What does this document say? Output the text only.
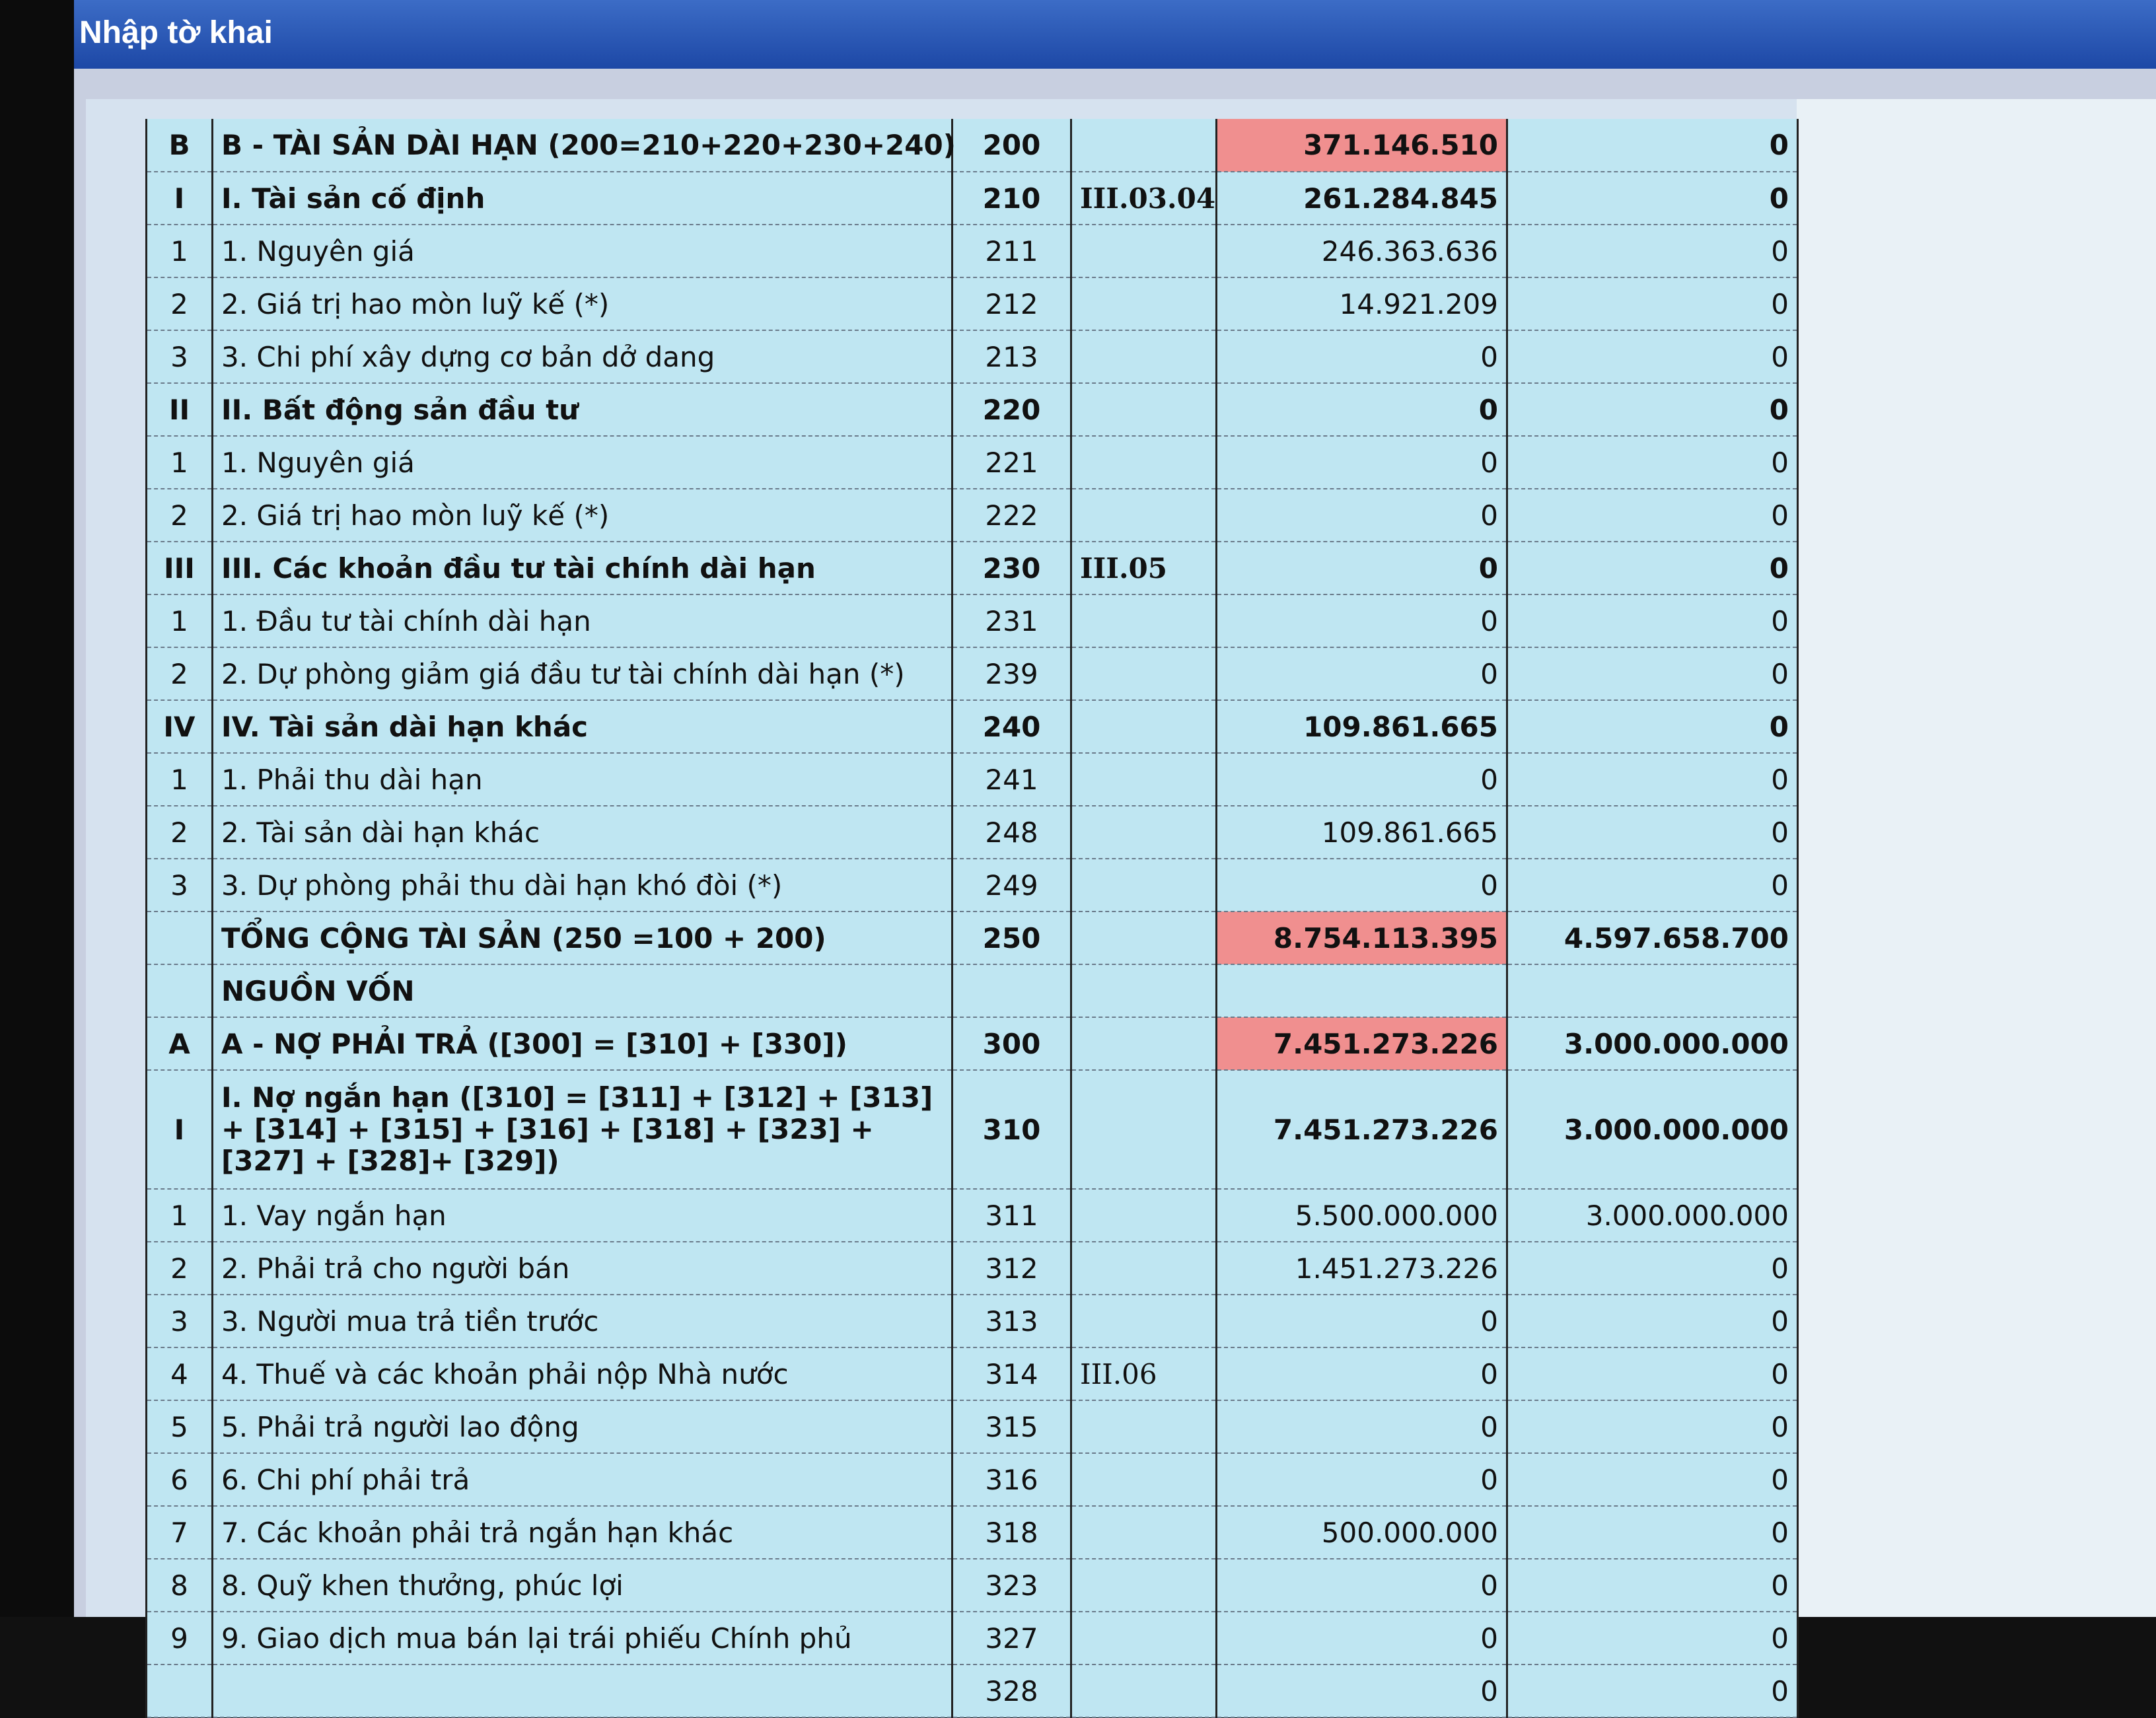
Nhập tờ khai
B	B - TÀI SẢN DÀI HẠN (200=210+220+230+240)	200		371.146.510	0
I	I. Tài sản cố định	210	III.03.04	261.284.845	0
1	1. Nguyên giá	211		246.363.636	0
2	2. Giá trị hao mòn luỹ kế (*)	212		14.921.209	0
3	3. Chi phí xây dựng cơ bản dở dang	213		0	0
II	II. Bất động sản đầu tư	220		0	0
1	1. Nguyên giá	221		0	0
2	2. Giá trị hao mòn luỹ kế (*)	222		0	0
III	III. Các khoản đầu tư tài chính dài hạn	230	III.05	0	0
1	1. Đầu tư tài chính dài hạn	231		0	0
2	2. Dự phòng giảm giá đầu tư tài chính dài hạn (*)	239		0	0
IV	IV. Tài sản dài hạn khác	240		109.861.665	0
1	1. Phải thu dài hạn	241		0	0
2	2. Tài sản dài hạn khác	248		109.861.665	0
3	3. Dự phòng phải thu dài hạn khó đòi (*)	249		0	0
	TỔNG CỘNG TÀI SẢN (250 =100 + 200)	250		8.754.113.395	4.597.658.700
	NGUỒN VỐN				
A	A - NỢ PHẢI TRẢ ([300] = [310] + [330])	300		7.451.273.226	3.000.000.000
I	I. Nợ ngắn hạn ([310] = [311] + [312] + [313] + [314] + [315] + [316] + [318] + [323] + [327] + [328]+ [329])	310		7.451.273.226	3.000.000.000
1	1. Vay ngắn hạn	311		5.500.000.000	3.000.000.000
2	2. Phải trả cho người bán	312		1.451.273.226	0
3	3. Người mua trả tiền trước	313		0	0
4	4. Thuế và các khoản phải nộp Nhà nước	314	III.06	0	0
5	5. Phải trả người lao động	315		0	0
6	6. Chi phí phải trả	316		0	0
7	7. Các khoản phải trả ngắn hạn khác	318		500.000.000	0
8	8. Quỹ khen thưởng, phúc lợi	323		0	0
9	9. Giao dịch mua bán lại trái phiếu Chính phủ	327		0	0
		328		0	0
